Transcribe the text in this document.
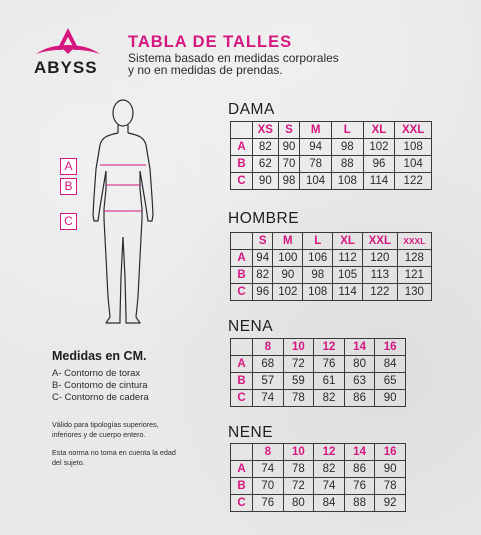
ABYSS
TABLA DE TALLES
Sistema basado en medidas corporales
y no en medidas de prendas.
A
B
C
Medidas en CM.
A- Contorno de torax
B- Contorno de cintura
C- Contorno de cadera
Válido para tipologías superiores,
inferiores y de cuerpo entero.
Esta norma no toma en cuenta la edad
del sujeto.
DAMA
	XS	S	M	L	XL	XXL
A	82	90	94	98	102	108
B	62	70	78	88	96	104
C	90	98	104	108	114	122
HOMBRE
	S	M	L	XL	XXL	XXXL
A	94	100	106	112	120	128
B	82	90	98	105	113	121
C	96	102	108	114	122	130
NENA
	8	10	12	14	16
A	68	72	76	80	84
B	57	59	61	63	65
C	74	78	82	86	90
NENE
	8	10	12	14	16
A	74	78	82	86	90
B	70	72	74	76	78
C	76	80	84	88	92
